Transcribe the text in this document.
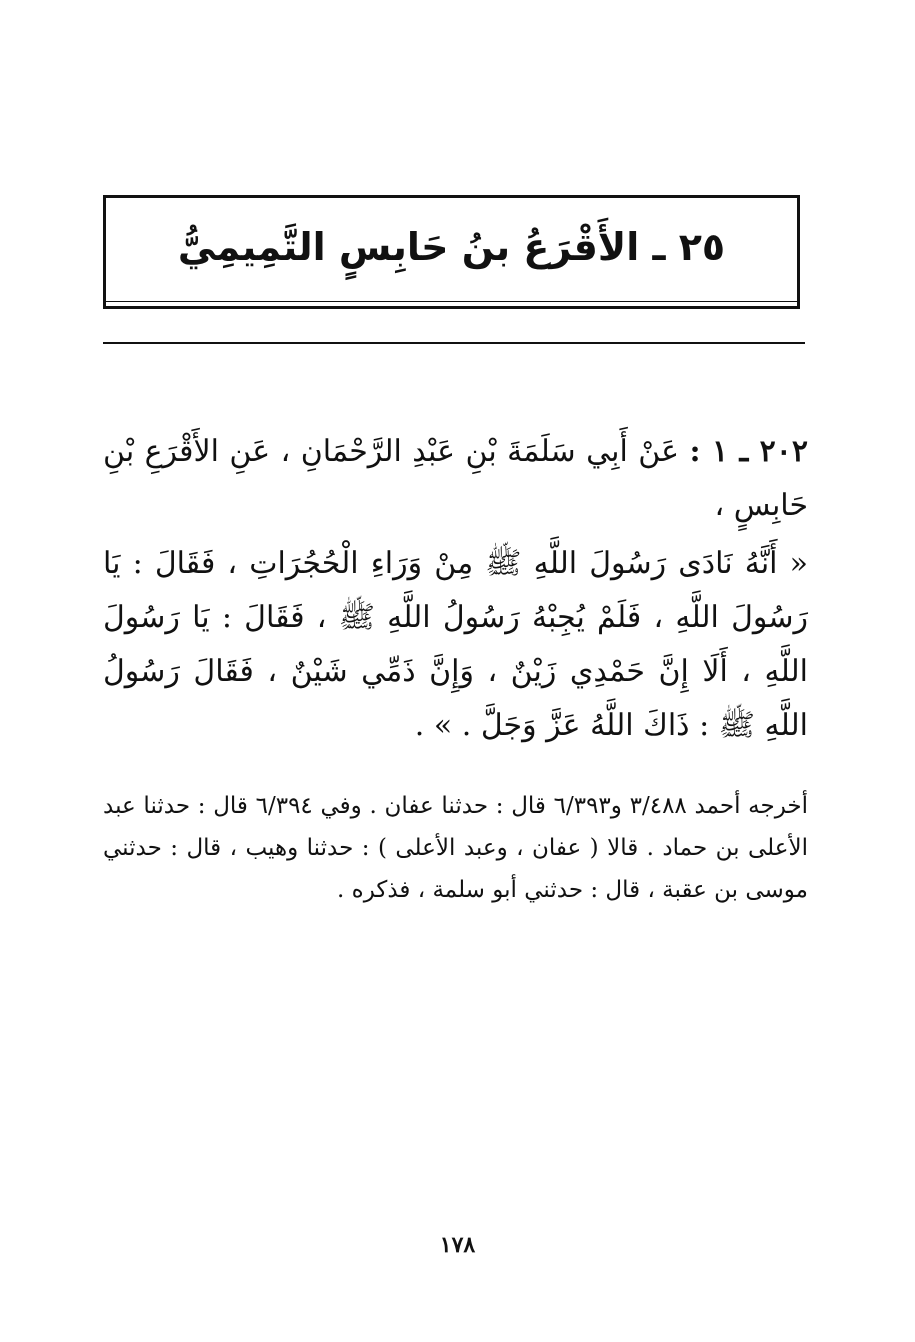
٢٥ ـ الأَقْرَعُ بنُ حَابِسٍ التَّمِيمِيُّ

٢٠٢ ـ ١ : عَنْ أَبِي سَلَمَةَ بْنِ عَبْدِ الرَّحْمَانِ ، عَنِ الأَقْرَعِ بْنِ حَابِسٍ ،

« أَنَّهُ نَادَى رَسُولَ اللَّهِ ﷺ مِنْ وَرَاءِ الْحُجُرَاتِ ، فَقَالَ : يَا رَسُولَ اللَّهِ ، فَلَمْ يُجِبْهُ رَسُولُ اللَّهِ ﷺ ، فَقَالَ : يَا رَسُولَ اللَّهِ ، أَلَا إِنَّ حَمْدِي زَيْنٌ ، وَإِنَّ ذَمِّي شَيْنٌ ، فَقَالَ رَسُولُ اللَّهِ ﷺ : ذَاكَ اللَّهُ عَزَّ وَجَلَّ . » .

أخرجه أحمد ٣/٤٨٨ و٦/٣٩٣ قال : حدثنا عفان . وفي ٦/٣٩٤ قال : حدثنا عبد الأعلى بن حماد . قالا ( عفان ، وعبد الأعلى ) : حدثنا وهيب ، قال : حدثني موسى بن عقبة ، قال : حدثني أبو سلمة ، فذكره .

١٧٨
